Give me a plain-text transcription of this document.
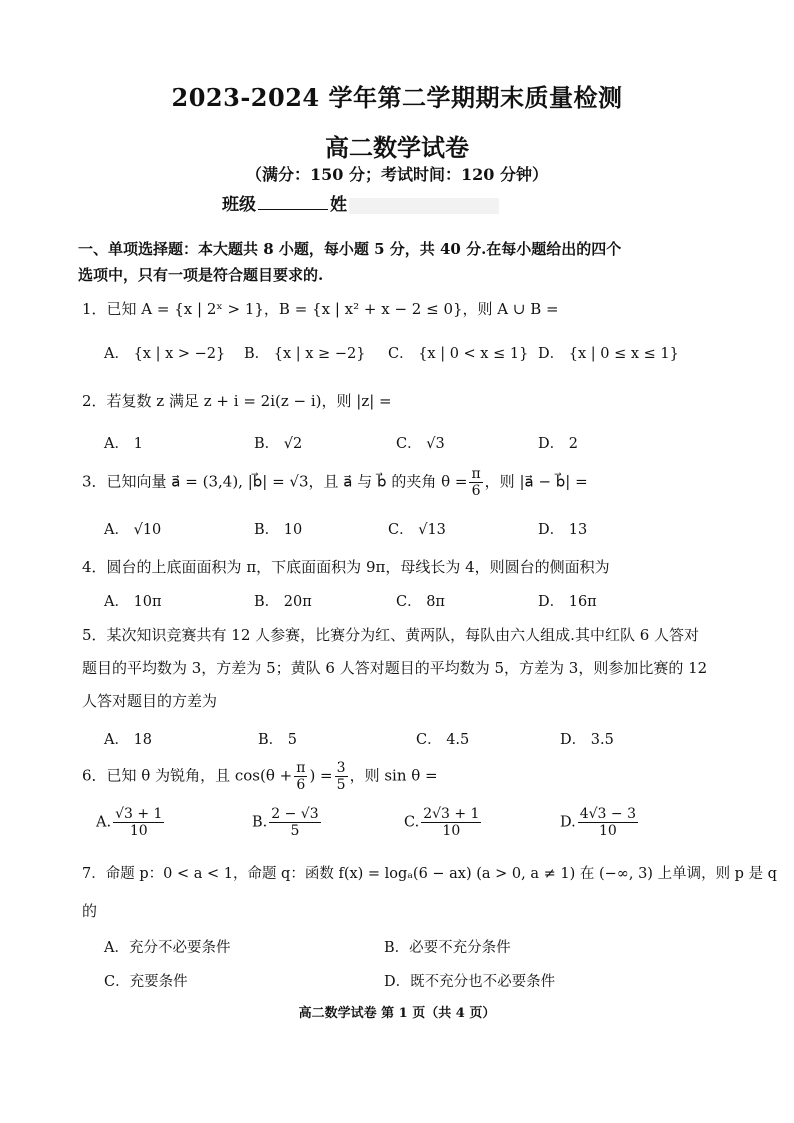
2023-2024 学年第二学期期末质量检测
高二数学试卷
（满分：150 分；考试时间：120 分钟）
班级	姓
一、单项选择题：本大题共 8 小题，每小题 5 分，共 40 分.在每小题给出的四个
选项中，只有一项是符合题目要求的.
1．已知 A = {x | 2ˣ > 1}，B = {x | x² + x − 2 ≤ 0}，则 A ∪ B =
A． {x | x > −2} B． {x | x ≥ −2} C． {x | 0 < x ≤ 1} D． {x | 0 ≤ x ≤ 1}
2．若复数 z 满足 z + i = 2i(z − i)，则 |z| =
A． 1	B． √2	C． √3	D． 2
3．已知向量 a⃗ = (3,4), |b⃗| = √3，且 a⃗ 与 b⃗ 的夹角 $\theta = \frac{\pi}{6}$ ，则 |a⃗ − b⃗| =
A． √10	B． 10	C． √13	D． 13
4．圆台的上底面面积为 π，下底面面积为 9π，母线长为 4，则圆台的侧面积为
A． 10π	B． 20π	C． 8π	D． 16π
5．某次知识竞赛共有 12 人参赛，比赛分为红、黄两队，每队由六人组成.其中红队 6 人答对
题目的平均数为 3，方差为 5；黄队 6 人答对题目的平均数为 5，方差为 3，则参加比赛的 12
人答对题目的方差为
A． 18	B． 5	C． 4.5	D． 3.5
6．已知 θ 为锐角，且 $\cos(\theta + \frac{\pi}{6}$ ) = $\frac{3}{5}$ ，则 sin θ =
A. $\frac{√3 + 1}{10}$	B. $\frac{2 - √3}{5}$	C. $\frac{2√3 + 1}{10}$	D. $\frac{4√3 - 3}{10}$
7．命题 p：0 < a < 1，命题 q：函数 f(x) = logₐ(6 − ax) (a > 0, a ≠ 1) 在 (−∞, 3) 上单调，则 p 是 q
的
A．充分不必要条件	B．必要不充分条件
C．充要条件	D．既不充分也不必要条件
高二数学试卷 第 1 页（共 4 页）
